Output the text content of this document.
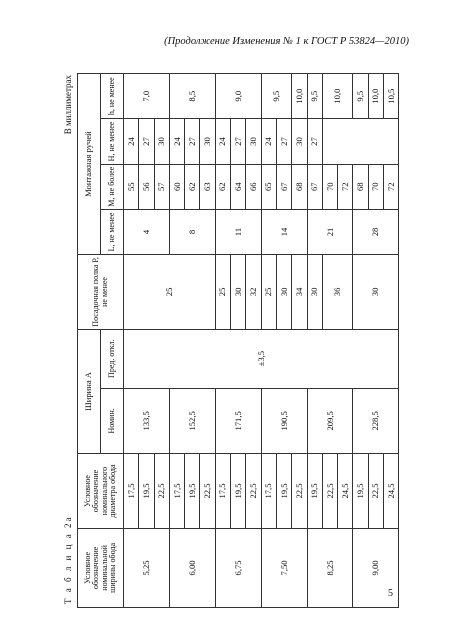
(Продолжение Изменения № 1 к ГОСТ Р 53824—2010)
Т а б л и ц а 2а
В миллиметрах
Условное обозначение номинальной ширины обода	Условное обозначение номинального диаметра обода	Ширина А		Посадочная полка Р, не менее	Монтажная ручей			
		Номин.	Пред. откл.		L, не менее	М, не более	Н, не менее	h, не менее
5,25	17,5	133,5	±3,5	25	4	55	24	7,0
	19,5					56	27	
	22,5					57	30	
6,00	17,5	152,5			8	60	24	8,5
	19,5					62	27	
	22,5					63	30	
6,75	17,5	171,5		25	11	62	24	9,0
	19,5			30		64	27	
	22,5			32		66	30	
7,50	17,5	190,5		25	14	65	24	9,5
	19,5			30		67	27	
	22,5			34		68	30	10,0
8,25	19,5	209,5		30	21	67	27	9,5
	22,5			36		70		10,0
	24,5					72		
9,00	19,5	228,5		30	28	68		9,5
	22,5					70		10,0
	24,5					72		10,5
5
